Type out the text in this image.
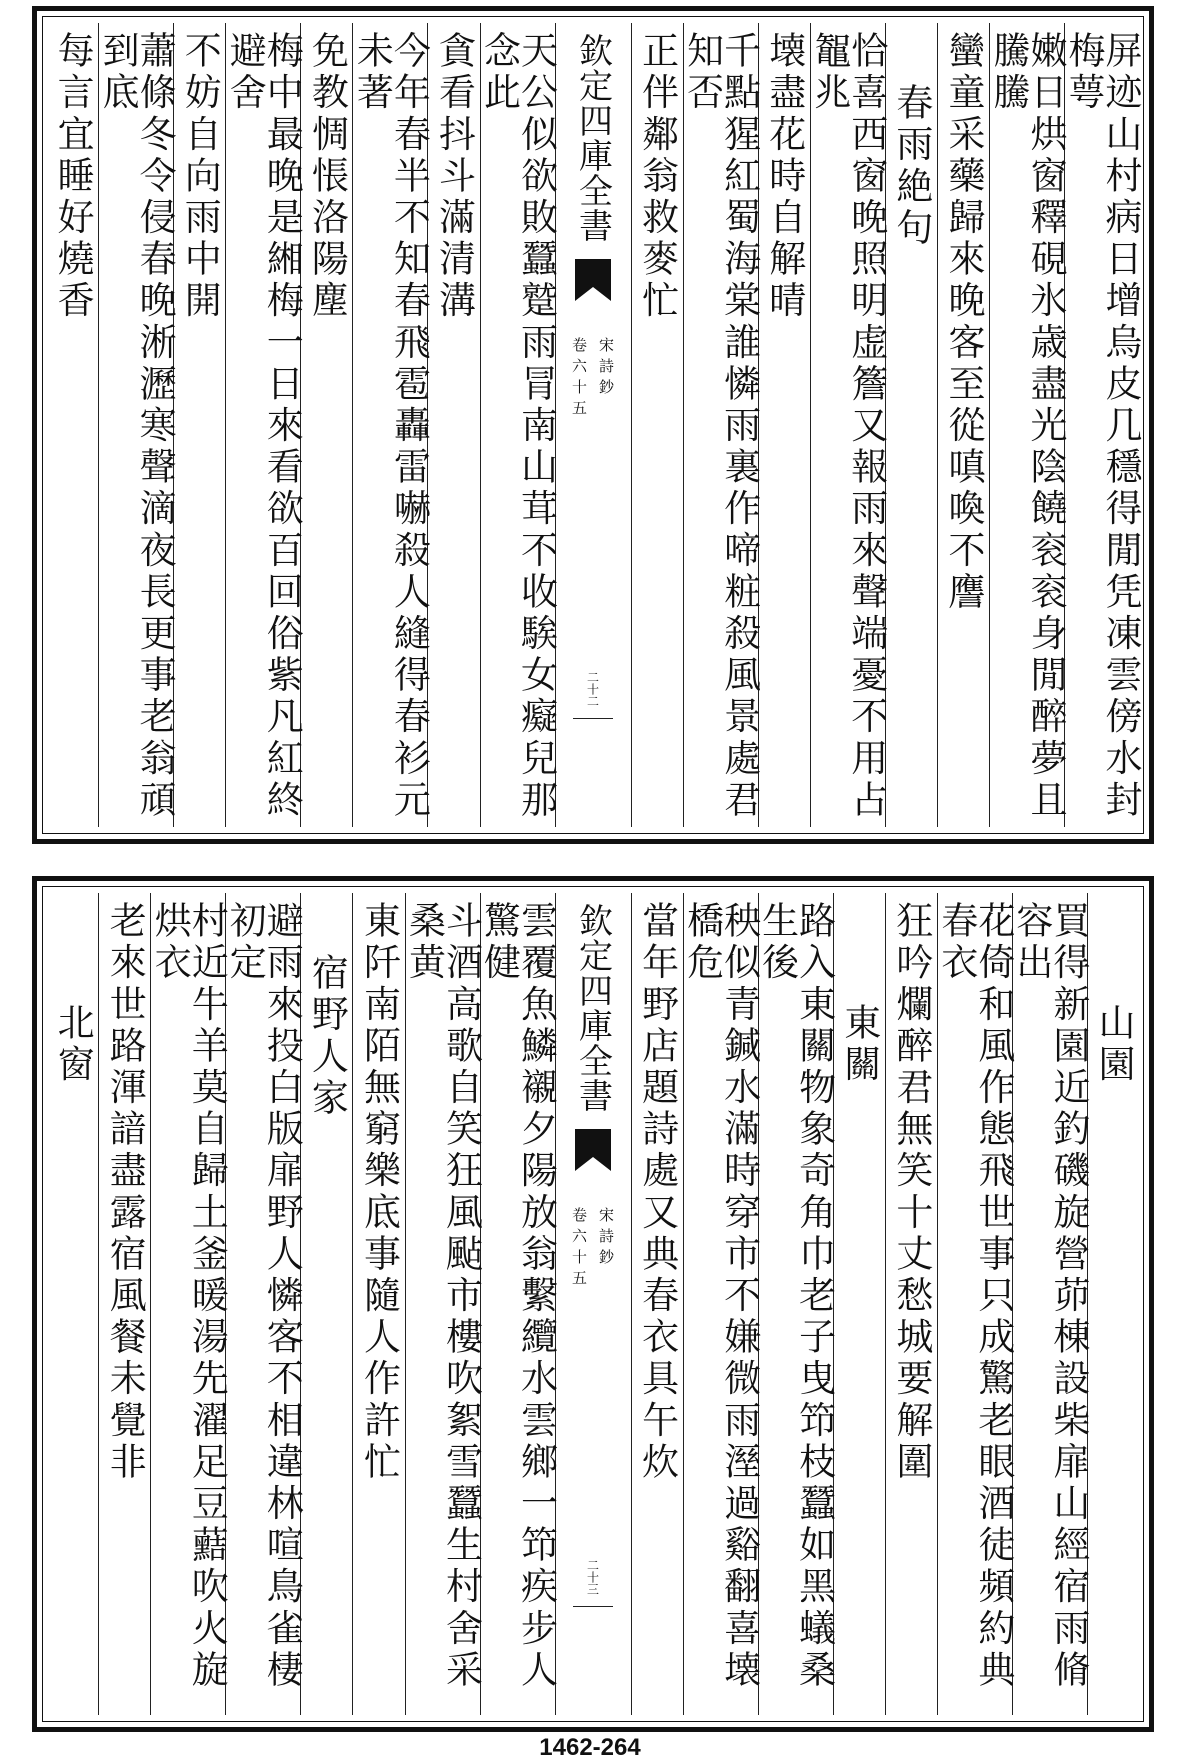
屏迹山村病日增烏皮几穩得閒凭凍雲傍水封梅萼
嫩日烘窗釋硯氷歳盡光陰饒衮衮身閒醉夢且騰騰
蠻童采藥歸來晚客至從嗔喚不譍
春雨絶句
恰喜西窗晚照明虚簷又報雨來聲端憂不用占鼅兆
壊盡花時自解晴
千點猩紅蜀海棠誰憐雨裏作啼粧殺風景處君知否
正伴鄰翁救麥忙
欽定四庫全書
宋詩鈔
卷六十五
二十二
天公似欲敗蠶蹵雨冐南山茸不收騃女癡兒那念此
貪看抖斗滿清溝
今年春半不知春飛雹轟雷嚇殺人縫得春衫元未著
免教惆悵洛陽塵
梅中最晚是緗梅一日來看欲百回俗紫凡紅終避舍
不妨自向雨中開
蕭條冬令侵春晚淅瀝寒聲滴夜長更事老翁頑到底
每言宜睡好燒香
山園
買得新園近釣磯旋營茆棟設柴扉山經宿雨脩容出
花倚和風作態飛世事只成驚老眼酒徒頻約典春衣
狂吟爛醉君無笑十丈愁城要解圍
東關
路入東關物象奇角巾老子曳笻枝蠶如黑蟻桑生後
秧似青鍼水滿時穿市不嫌微雨溼過谿翻喜壊橋危
當年野店題詩處又典春衣具午炊
欽定四庫全書
宋詩鈔
卷六十五
二十三
雲覆魚鱗襯夕陽放翁繫纜水雲鄉一笻疾步人驚健
斗酒高歌自笑狂風颭市樓吹絮雪蠶生村舍采桑黄
東阡南陌無窮樂底事隨人作許忙
宿野人家
避雨來投白版扉野人憐客不相違林喧鳥雀棲初定
村近牛羊莫自歸土釜暖湯先濯足豆䕸吹火旋烘衣
老來世路渾諳盡露宿風餐未覺非
北窗
1462-264
